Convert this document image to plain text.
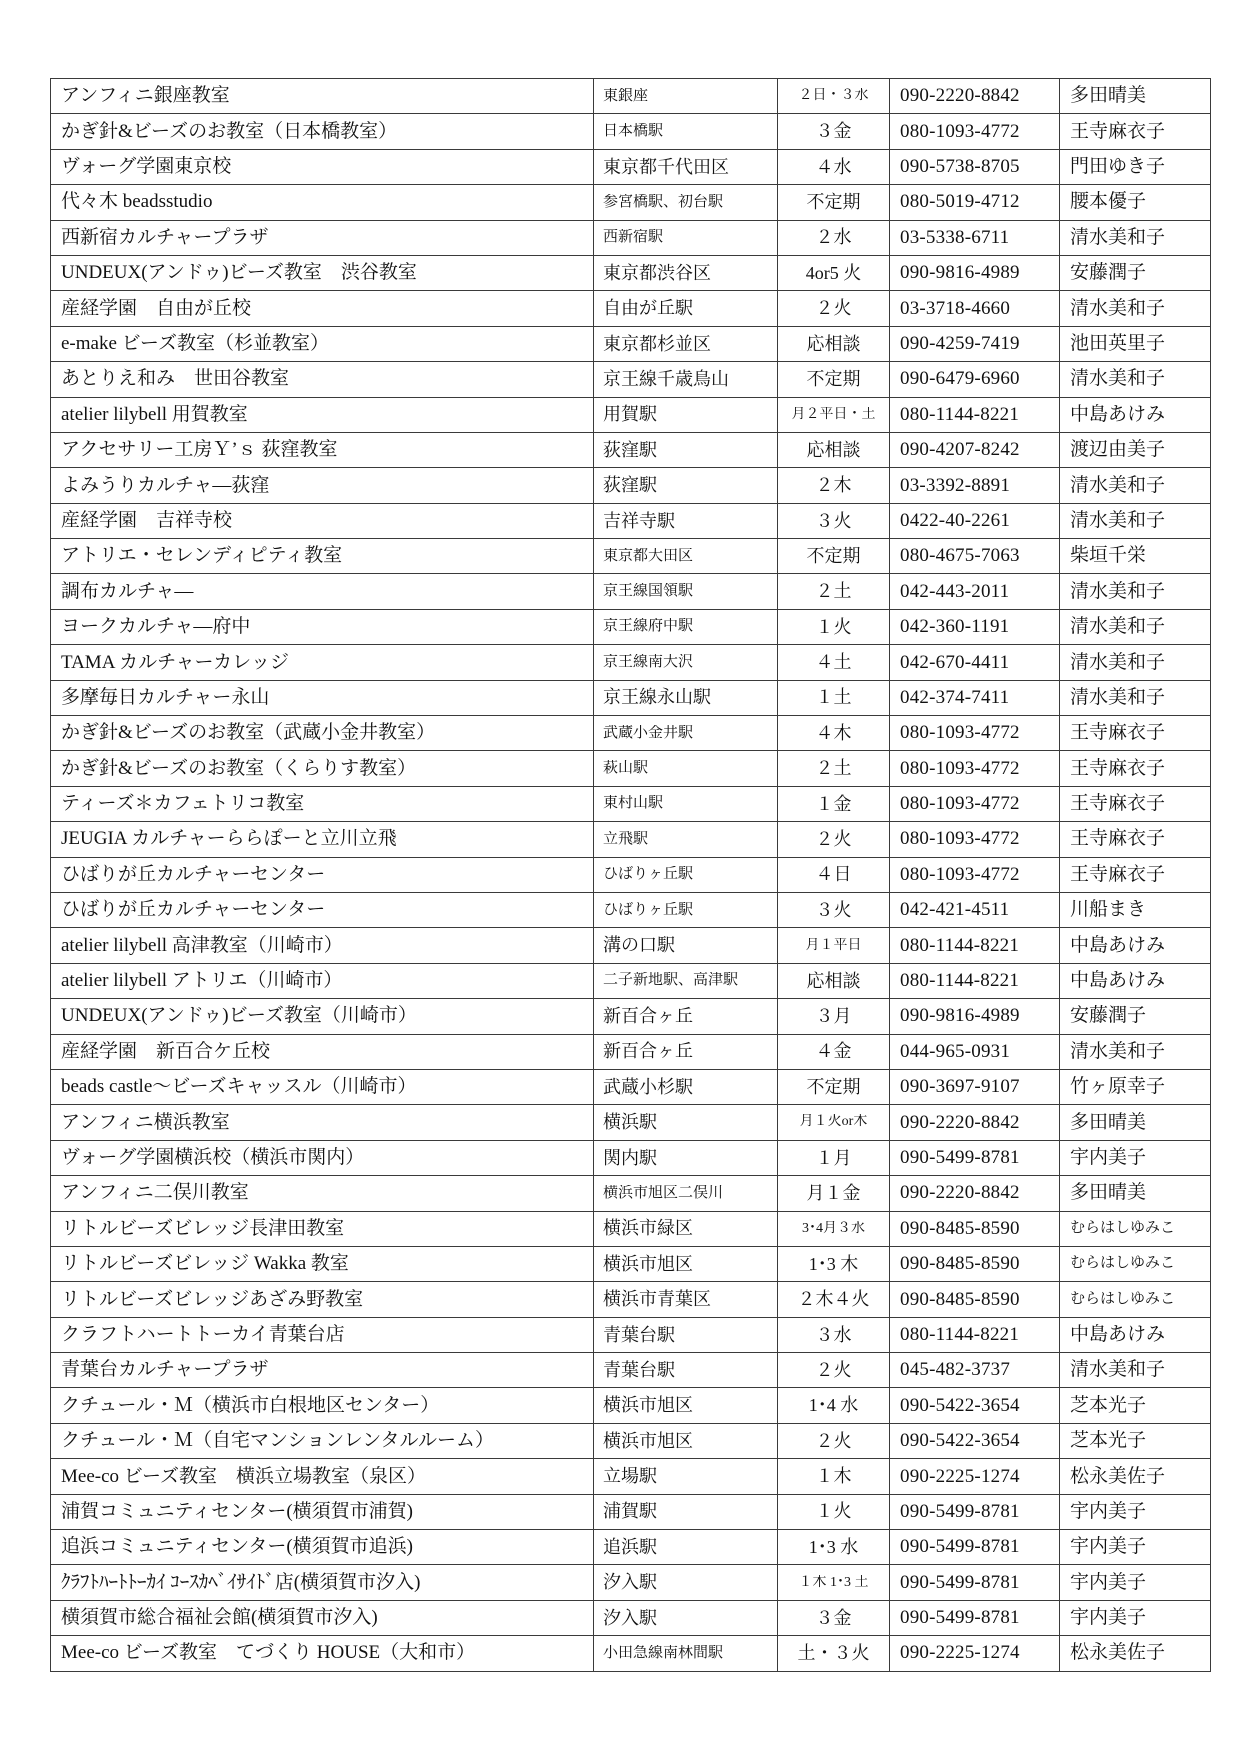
アンフィニ銀座教室	東銀座	２日・３水	090-2220-8842	多田晴美

かぎ針&ビーズのお教室（日本橋教室）	日本橋駅	３金	080-1093-4772	王寺麻衣子

ヴォーグ学園東京校	東京都千代田区	４水	090-5738-8705	門田ゆき子

代々木 beadsstudio	参宮橋駅、初台駅	不定期	080-5019-4712	腰本優子

西新宿カルチャープラザ	西新宿駅	２水	03-5338-6711	清水美和子

UNDEUX(アンドゥ)ビーズ教室　渋谷教室	東京都渋谷区	4or5 火	090-9816-4989	安藤潤子

産経学園　自由が丘校	自由が丘駅	２火	03-3718-4660	清水美和子

e-make ビーズ教室（杉並教室）	東京都杉並区	応相談	090-4259-7419	池田英里子

あとりえ和み　世田谷教室	京王線千歳鳥山	不定期	090-6479-6960	清水美和子

atelier lilybell 用賀教室	用賀駅	月２平日・土	080-1144-8221	中島あけみ

アクセサリー工房Ｙ’ｓ 荻窪教室	荻窪駅	応相談	090-4207-8242	渡辺由美子

よみうりカルチャ―荻窪	荻窪駅	２木	03-3392-8891	清水美和子

産経学園　吉祥寺校	吉祥寺駅	３火	0422-40-2261	清水美和子

アトリエ・セレンディピティ教室	東京都大田区	不定期	080-4675-7063	柴垣千栄

調布カルチャ―	京王線国領駅	２土	042-443-2011	清水美和子

ヨークカルチャ―府中	京王線府中駅	１火	042-360-1191	清水美和子

TAMA カルチャーカレッジ	京王線南大沢	４土	042-670-4411	清水美和子

多摩毎日カルチャー永山	京王線永山駅	１土	042-374-7411	清水美和子

かぎ針&ビーズのお教室（武蔵小金井教室）	武蔵小金井駅	４木	080-1093-4772	王寺麻衣子

かぎ針&ビーズのお教室（くらりす教室）	萩山駅	２土	080-1093-4772	王寺麻衣子

ティーズ＊カフェトリコ教室	東村山駅	１金	080-1093-4772	王寺麻衣子

JEUGIA カルチャーららぽーと立川立飛	立飛駅	２火	080-1093-4772	王寺麻衣子

ひばりが丘カルチャーセンター	ひばりヶ丘駅	４日	080-1093-4772	王寺麻衣子

ひばりが丘カルチャーセンター	ひばりヶ丘駅	３火	042-421-4511	川船まき

atelier lilybell 高津教室（川崎市）	溝の口駅	月１平日	080-1144-8221	中島あけみ

atelier lilybell アトリエ（川崎市）	二子新地駅、高津駅	応相談	080-1144-8221	中島あけみ

UNDEUX(アンドゥ)ビーズ教室（川崎市）	新百合ヶ丘	３月	090-9816-4989	安藤潤子

産経学園　新百合ケ丘校	新百合ヶ丘	４金	044-965-0931	清水美和子

beads castle～ビーズキャッスル（川崎市）	武蔵小杉駅	不定期	090-3697-9107	竹ヶ原幸子

アンフィニ横浜教室	横浜駅	月１火or木	090-2220-8842	多田晴美

ヴォーグ学園横浜校（横浜市関内）	関内駅	１月	090-5499-8781	宇内美子

アンフィニ二俣川教室	横浜市旭区二俣川	月１金	090-2220-8842	多田晴美

リトルビーズビレッジ長津田教室	横浜市緑区	3･4月３水	090-8485-8590	むらはしゆみこ

リトルビーズビレッジ Wakka 教室	横浜市旭区	1･3 木	090-8485-8590	むらはしゆみこ

リトルビーズビレッジあざみ野教室	横浜市青葉区	２木４火	090-8485-8590	むらはしゆみこ

クラフトハートトーカイ青葉台店	青葉台駅	３水	080-1144-8221	中島あけみ

青葉台カルチャープラザ	青葉台駅	２火	045-482-3737	清水美和子

クチュール・Ｍ（横浜市白根地区センター）	横浜市旭区	1･4 水	090-5422-3654	芝本光子

クチュール・Ｍ（自宅マンションレンタルルーム）	横浜市旭区	２火	090-5422-3654	芝本光子

Mee-co ビーズ教室　横浜立場教室（泉区）	立場駅	１木	090-2225-1274	松永美佐子

浦賀コミュニティセンター(横須賀市浦賀)	浦賀駅	１火	090-5499-8781	宇内美子

追浜コミュニティセンター(横須賀市追浜)	追浜駅	1･3 水	090-5499-8781	宇内美子

ｸﾗﾌﾄﾊｰﾄﾄｰｶｲ ｺｰｽｶﾍﾞｲｻｲﾄﾞ店(横須賀市汐入)	汐入駅	１木 1･3 土	090-5499-8781	宇内美子

横須賀市総合福祉会館(横須賀市汐入)	汐入駅	３金	090-5499-8781	宇内美子

Mee-co ビーズ教室　てづくり HOUSE（大和市）	小田急線南林間駅	土・３火	090-2225-1274	松永美佐子
